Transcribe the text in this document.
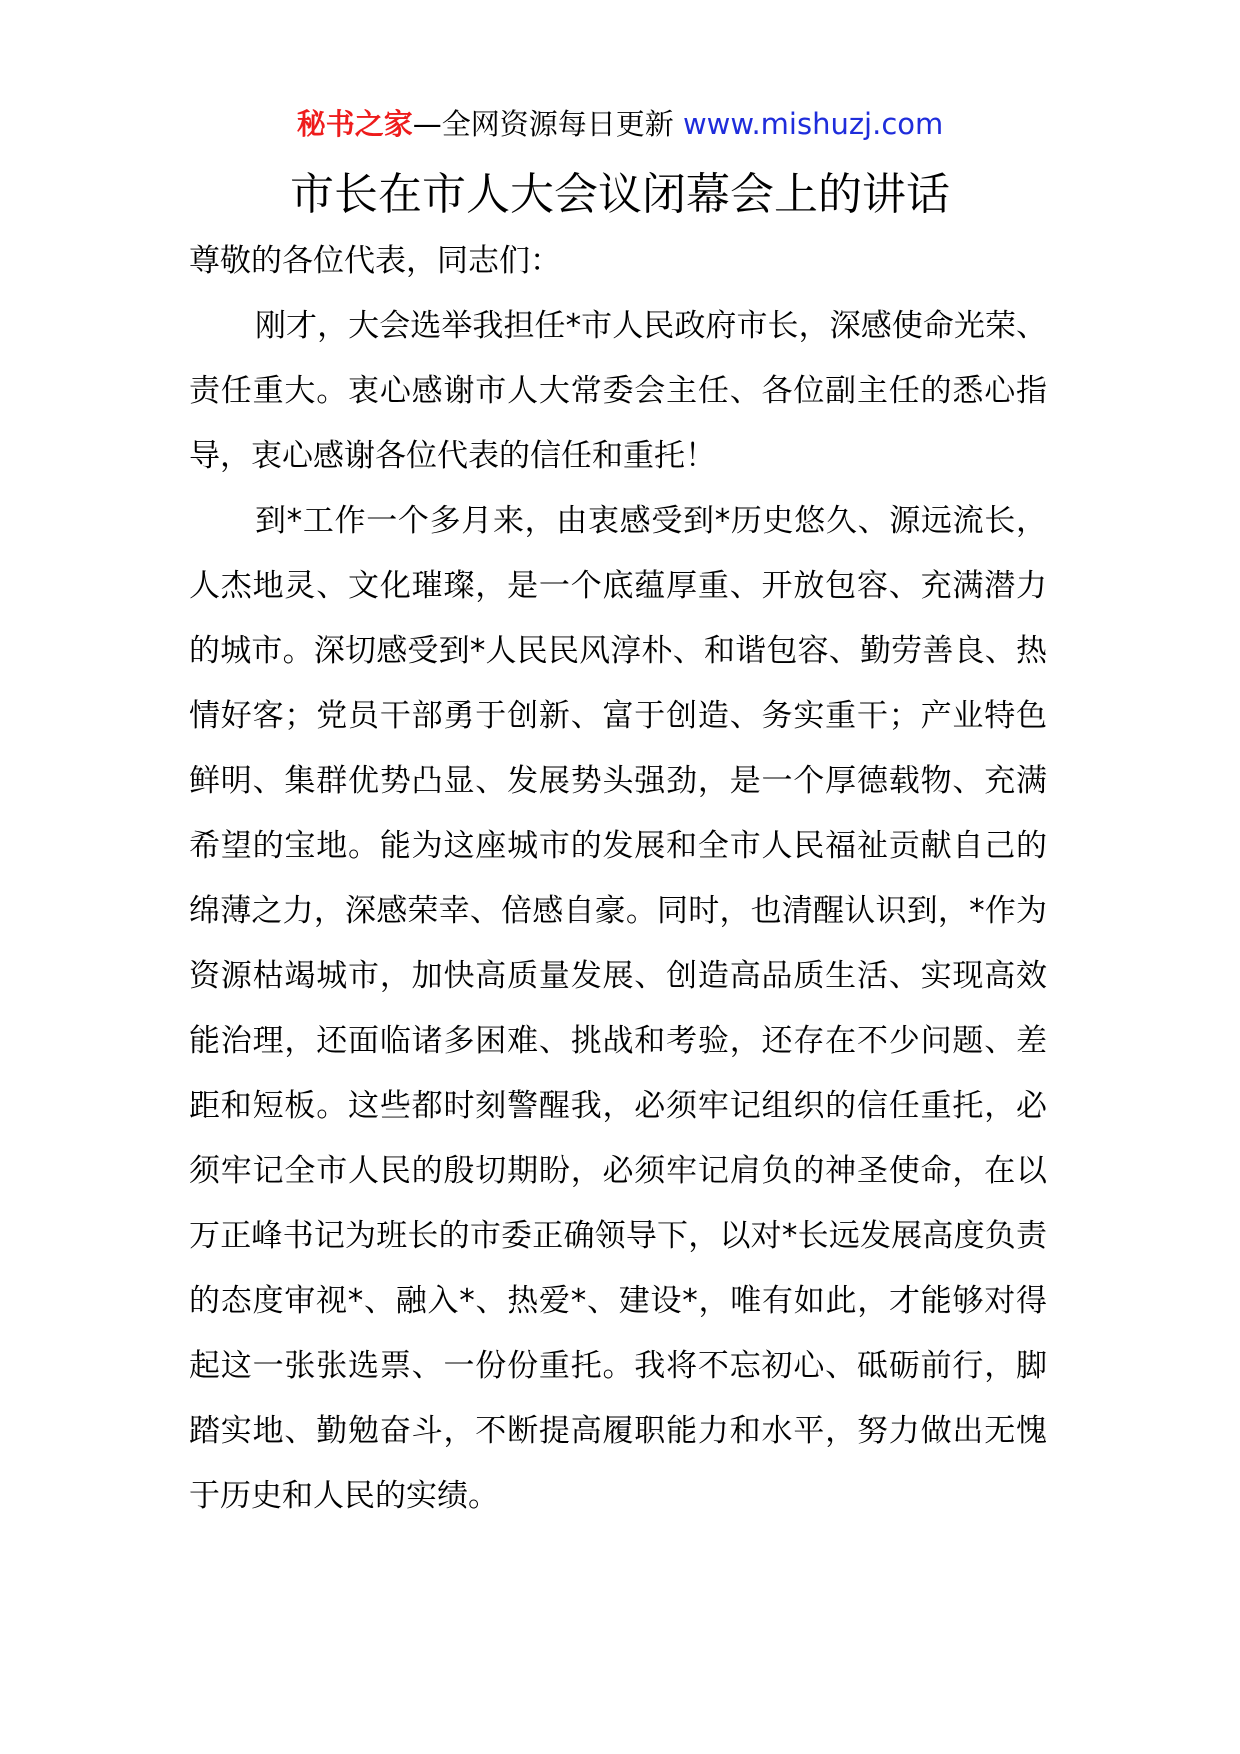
秘书之家—全网资源每日更新 www.mishuzj.com
市长在市人大会议闭幕会上的讲话

尊敬的各位代表，同志们：

刚才，大会选举我担任*市人民政府市长，深感使命光荣、责任重大。衷心感谢市人大常委会主任、各位副主任的悉心指导，衷心感谢各位代表的信任和重托！

到*工作一个多月来，由衷感受到*历史悠久、源远流长，人杰地灵、文化璀璨，是一个底蕴厚重、开放包容、充满潜力的城市。深切感受到*人民民风淳朴、和谐包容、勤劳善良、热情好客；党员干部勇于创新、富于创造、务实重干；产业特色鲜明、集群优势凸显、发展势头强劲，是一个厚德载物、充满希望的宝地。能为这座城市的发展和全市人民福祉贡献自己的绵薄之力，深感荣幸、倍感自豪。同时，也清醒认识到，*作为资源枯竭城市，加快高质量发展、创造高品质生活、实现高效能治理，还面临诸多困难、挑战和考验，还存在不少问题、差距和短板。这些都时刻警醒我，必须牢记组织的信任重托，必须牢记全市人民的殷切期盼，必须牢记肩负的神圣使命，在以万正峰书记为班长的市委正确领导下，以对*长远发展高度负责的态度审视*、融入*、热爱*、建设*，唯有如此，才能够对得起这一张张选票、一份份重托。我将不忘初心、砥砺前行，脚踏实地、勤勉奋斗，不断提高履职能力和水平，努力做出无愧于历史和人民的实绩。
